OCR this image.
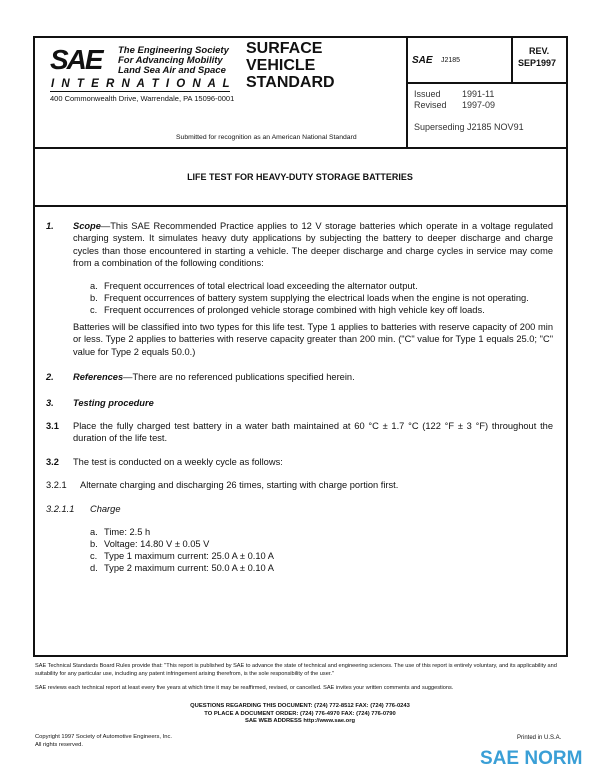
SAE The Engineering Society
For Advancing Mobility
Land Sea Air and Space
I N T E R N A T I O N A L
400 Commonwealth Drive, Warrendale, PA 15096-0001
SURFACE
VEHICLE
STANDARD
Submitted for recognition as an American National Standard
SAE J2185
REV.
SEP1997
Issued 1991-11
Revised 1997-09
Superseding J2185 NOV91
LIFE TEST FOR HEAVY-DUTY STORAGE BATTERIES
1. Scope—This SAE Recommended Practice applies to 12 V storage batteries which operate in a voltage regulated charging system. It simulates heavy duty applications by subjecting the battery to deeper discharge and charge cycles than those encountered in starting a vehicle. The deeper discharge and charge cycles in service may come from a combination of the following conditions:
a. Frequent occurrences of total electrical load exceeding the alternator output.
b. Frequent occurrences of battery system supplying the electrical loads when the engine is not operating.
c. Frequent occurrences of prolonged vehicle storage combined with high vehicle key off loads.
Batteries will be classified into two types for this life test. Type 1 applies to batteries with reserve capacity of 200 min or less. Type 2 applies to batteries with reserve capacity greater than 200 min. ("C" value for Type 1 equals 25.0; "C" value for Type 2 equals 50.0.)
2. References—There are no referenced publications specified herein.
3. Testing procedure
3.1 Place the fully charged test battery in a water bath maintained at 60 °C ± 1.7 °C (122 °F ± 3 °F) throughout the duration of the life test.
3.2 The test is conducted on a weekly cycle as follows:
3.2.1 Alternate charging and discharging 26 times, starting with charge portion first.
3.2.1.1 Charge
a. Time: 2.5 h
b. Voltage: 14.80 V ± 0.05 V
c. Type 1 maximum current: 25.0 A ± 0.10 A
d. Type 2 maximum current: 50.0 A ± 0.10 A
SAE Technical Standards Board Rules provide that: "This report is published by SAE to advance the state of technical and engineering sciences. The use of this report is entirely voluntary, and its applicability and suitability for any particular use, including any patent infringement arising therefrom, is the sole responsibility of the user."
SAE reviews each technical report at least every five years at which time it may be reaffirmed, revised, or cancelled. SAE invites your written comments and suggestions.
QUESTIONS REGARDING THIS DOCUMENT: (724) 772-8512 FAX: (724) 776-0243
TO PLACE A DOCUMENT ORDER: (724) 776-4970 FAX: (724) 776-0790
SAE WEB ADDRESS http://www.sae.org
Copyright 1997 Society of Automotive Engineers, Inc.
All rights reserved.
Printed in U.S.A.
SAE NORM
